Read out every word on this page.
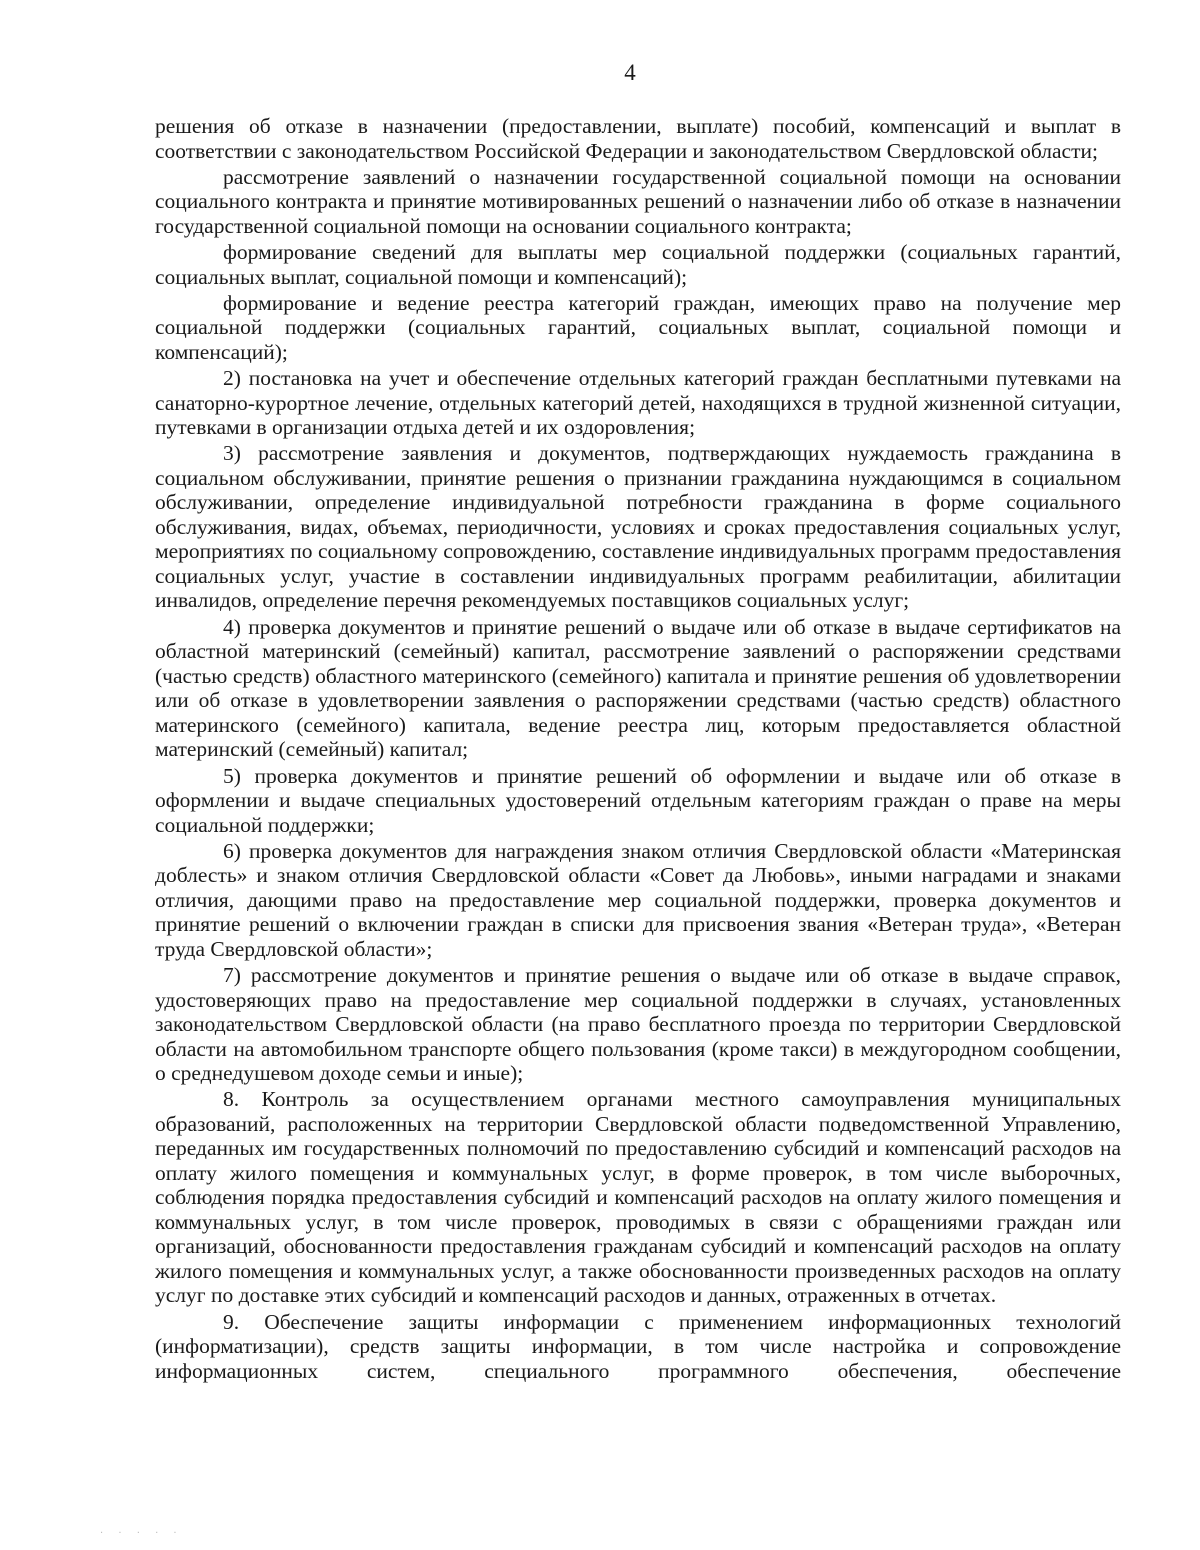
4

решения об отказе в назначении (предоставлении, выплате) пособий, компенсаций и выплат в соответствии с законодательством Российской Федерации и законодательством Свердловской области;

рассмотрение заявлений о назначении государственной социальной помощи на основании социального контракта и принятие мотивированных решений о назначении либо об отказе в назначении государственной социальной помощи на основании социального контракта;

формирование сведений для выплаты мер социальной поддержки (социальных гарантий, социальных выплат, социальной помощи и компенсаций);

формирование и ведение реестра категорий граждан, имеющих право на получение мер социальной поддержки (социальных гарантий, социальных выплат, социальной помощи и компенсаций);

2) постановка на учет и обеспечение отдельных категорий граждан бесплатными путевками на санаторно-курортное лечение, отдельных категорий детей, находящихся в трудной жизненной ситуации, путевками в организации отдыха детей и их оздоровления;

3) рассмотрение заявления и документов, подтверждающих нуждаемость гражданина в социальном обслуживании, принятие решения о признании гражданина нуждающимся в социальном обслуживании, определение индивидуальной потребности гражданина в форме социального обслуживания, видах, объемах, периодичности, условиях и сроках предоставления социальных услуг, мероприятиях по социальному сопровождению, составление индивидуальных программ предоставления социальных услуг, участие в составлении индивидуальных программ реабилитации, абилитации инвалидов, определение перечня рекомендуемых поставщиков социальных услуг;

4) проверка документов и принятие решений о выдаче или об отказе в выдаче сертификатов на областной материнский (семейный) капитал, рассмотрение заявлений о распоряжении средствами (частью средств) областного материнского (семейного) капитала и принятие решения об удовлетворении или об отказе в удовлетворении заявления о распоряжении средствами (частью средств) областного материнского (семейного) капитала, ведение реестра лиц, которым предоставляется областной материнский (семейный) капитал;

5) проверка документов и принятие решений об оформлении и выдаче или об отказе в оформлении и выдаче специальных удостоверений отдельным категориям граждан о праве на меры социальной поддержки;

6) проверка документов для награждения знаком отличия Свердловской области «Материнская доблесть» и знаком отличия Свердловской области «Совет да Любовь», иными наградами и знаками отличия, дающими право на предоставление мер социальной поддержки, проверка документов и принятие решений о включении граждан в списки для присвоения звания «Ветеран труда», «Ветеран труда Свердловской области»;

7) рассмотрение документов и принятие решения о выдаче или об отказе в выдаче справок, удостоверяющих право на предоставление мер социальной поддержки в случаях, установленных законодательством Свердловской области (на право бесплатного проезда по территории Свердловской области на автомобильном транспорте общего пользования (кроме такси) в междугородном сообщении, о среднедушевом доходе семьи и иные);

8. Контроль за осуществлением органами местного самоуправления муниципальных образований, расположенных на территории Свердловской области подведомственной Управлению, переданных им государственных полномочий по предоставлению субсидий и компенсаций расходов на оплату жилого помещения и коммунальных услуг, в форме проверок, в том числе выборочных, соблюдения порядка предоставления субсидий и компенсаций расходов на оплату жилого помещения и коммунальных услуг, в том числе проверок, проводимых в связи с обращениями граждан или организаций, обоснованности предоставления гражданам субсидий и компенсаций расходов на оплату жилого помещения и коммунальных услуг, а также обоснованности произведенных расходов на оплату услуг по доставке этих субсидий и компенсаций расходов и данных, отраженных в отчетах.

9. Обеспечение защиты информации с применением информационных технологий (информатизации), средств защиты информации, в том числе настройка и сопровождение информационных систем, специального программного обеспечения, обеспечение

· · · · ·
